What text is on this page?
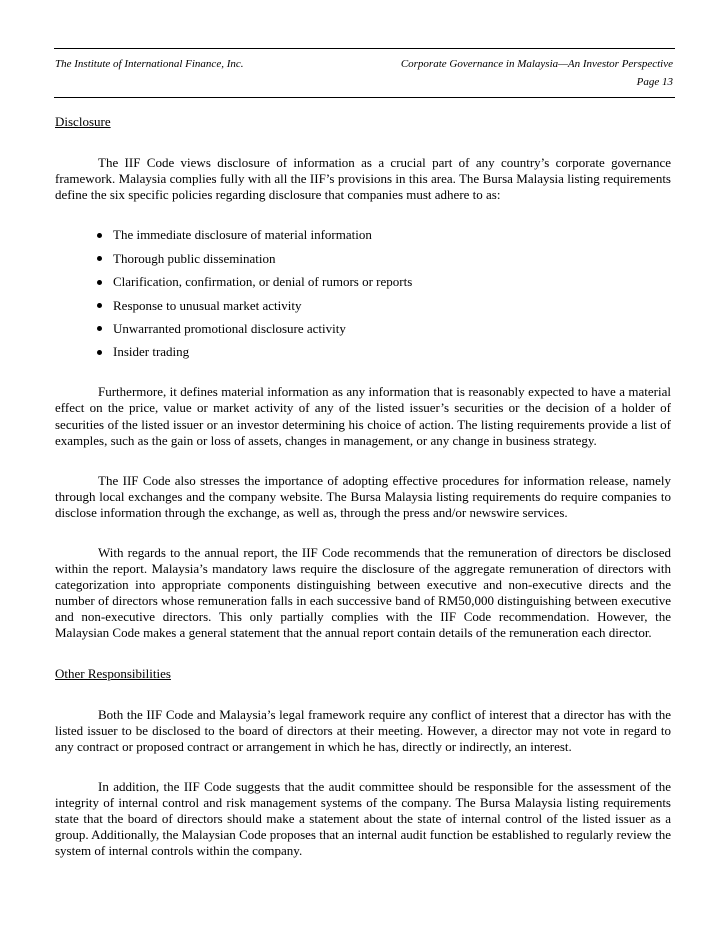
The Institute of International Finance, Inc.	Corporate Governance in Malaysia—An Investor Perspective
Page 13
Disclosure

The IIF Code views disclosure of information as a crucial part of any country’s corporate governance framework. Malaysia complies fully with all the IIF’s provisions in this area. The Bursa Malaysia listing requirements define the six specific policies regarding disclosure that companies must adhere to as:

The immediate disclosure of material information
Thorough public dissemination
Clarification, confirmation, or denial of rumors or reports
Response to unusual market activity
Unwarranted promotional disclosure activity
Insider trading

Furthermore, it defines material information as any information that is reasonably expected to have a material effect on the price, value or market activity of any of the listed issuer’s securities or the decision of a holder of securities of the listed issuer or an investor determining his choice of action. The listing requirements provide a list of examples, such as the gain or loss of assets, changes in management, or any change in business strategy.

The IIF Code also stresses the importance of adopting effective procedures for information release, namely through local exchanges and the company website. The Bursa Malaysia listing requirements do require companies to disclose information through the exchange, as well as, through the press and/or newswire services.

With regards to the annual report, the IIF Code recommends that the remuneration of directors be disclosed within the report. Malaysia’s mandatory laws require the disclosure of the aggregate remuneration of directors with categorization into appropriate components distinguishing between executive and non-executive directs and the number of directors whose remuneration falls in each successive band of RM50,000 distinguishing between executive and non-executive directors. This only partially complies with the IIF Code recommendation. However, the Malaysian Code makes a general statement that the annual report contain details of the remuneration each director.

Other Responsibilities

Both the IIF Code and Malaysia’s legal framework require any conflict of interest that a director has with the listed issuer to be disclosed to the board of directors at their meeting. However, a director may not vote in regard to any contract or proposed contract or arrangement in which he has, directly or indirectly, an interest.

In addition, the IIF Code suggests that the audit committee should be responsible for the assessment of the integrity of internal control and risk management systems of the company. The Bursa Malaysia listing requirements state that the board of directors should make a statement about the state of internal control of the listed issuer as a group. Additionally, the Malaysian Code proposes that an internal audit function be established to regularly review the system of internal controls within the company.
